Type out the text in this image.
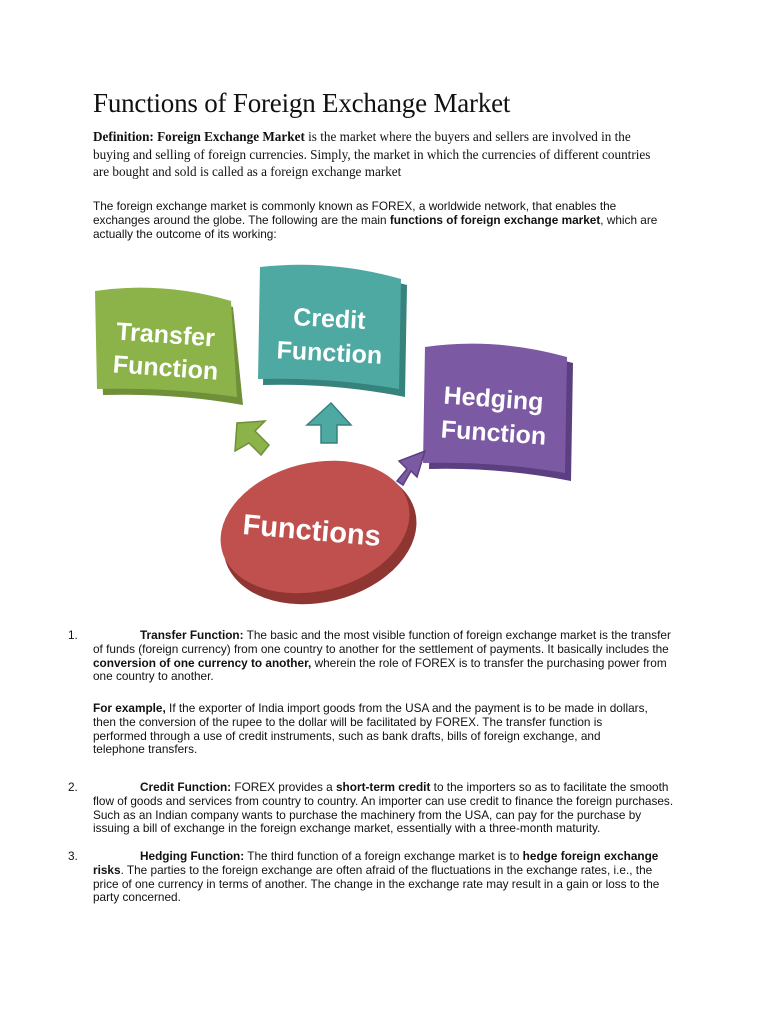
Functions of Foreign Exchange Market

Definition: Foreign Exchange Market is the market where the buyers and sellers are involved in the buying and selling of foreign currencies. Simply, the market in which the currencies of different countries are bought and sold is called as a foreign exchange market

The foreign exchange market is commonly known as FOREX, a worldwide network, that enables the exchanges around the globe. The following are the main functions of foreign exchange market, which are actually the outcome of its working:

Transfer
Function
Credit
Function
Hedging
Function
Functions
1.	Transfer Function: The basic and the most visible function of foreign exchange market is the transfer of funds (foreign currency) from one country to another for the settlement of payments. It basically includes the conversion of one currency to another, wherein the role of FOREX is to transfer the purchasing power from one country to another.

For example, If the exporter of India import goods from the USA and the payment is to be made in dollars, then the conversion of the rupee to the dollar will be facilitated by FOREX. The transfer function is performed through a use of credit instruments, such as bank drafts, bills of foreign exchange, and telephone transfers.

2.	Credit Function: FOREX provides a short-term credit to the importers so as to facilitate the smooth flow of goods and services from country to country. An importer can use credit to finance the foreign purchases. Such as an Indian company wants to purchase the machinery from the USA, can pay for the purchase by issuing a bill of exchange in the foreign exchange market, essentially with a three-month maturity.

3.	Hedging Function: The third function of a foreign exchange market is to hedge foreign exchange risks. The parties to the foreign exchange are often afraid of the fluctuations in the exchange rates, i.e., the price of one currency in terms of another. The change in the exchange rate may result in a gain or loss to the party concerned.
